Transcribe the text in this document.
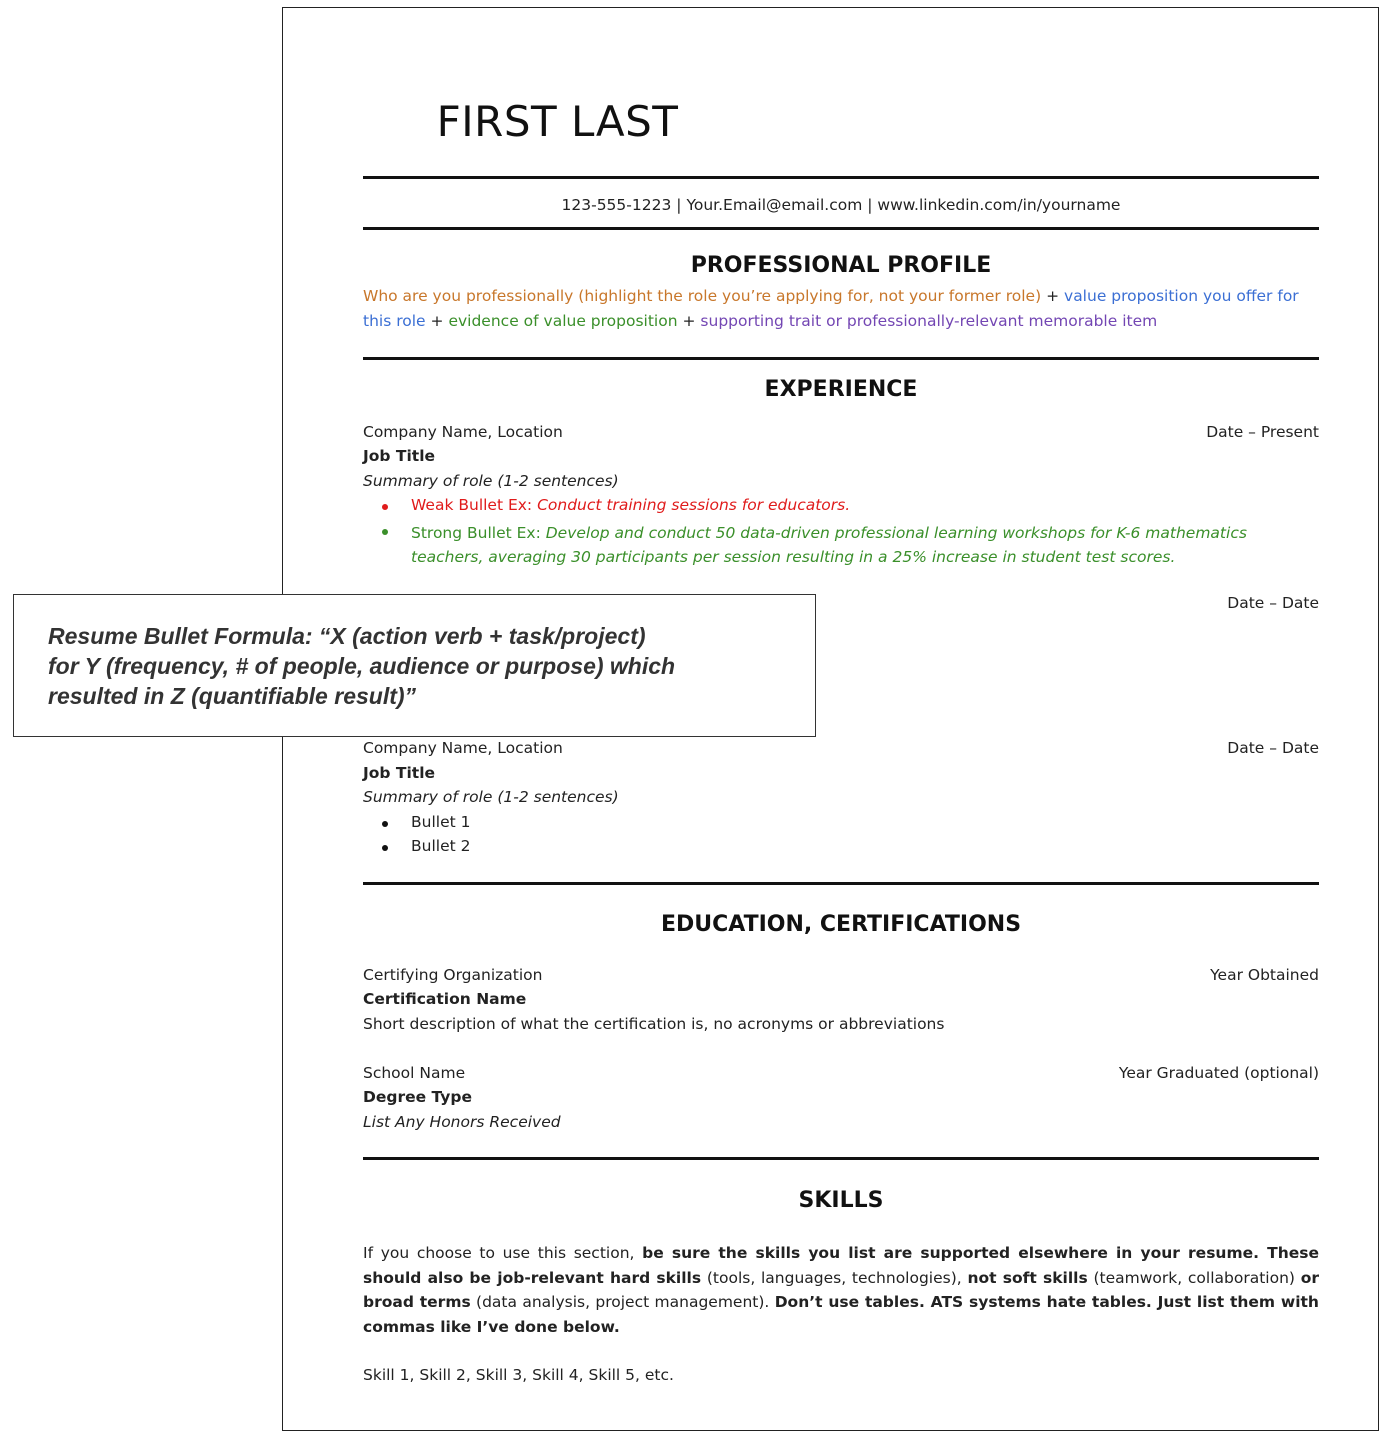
FIRST LAST
123-555-1223 | Your.Email@email.com | www.linkedin.com/in/yourname
PROFESSIONAL PROFILE
Who are you professionally (highlight the role you’re applying for, not your former role) + value proposition you offer for this role + evidence of value proposition + supporting trait or professionally-relevant memorable item
EXPERIENCE
Company Name, Location	Date – Present
Job Title
Summary of role (1-2 sentences)
Weak Bullet Ex: Conduct training sessions for educators.
Strong Bullet Ex: Develop and conduct 50 data-driven professional learning workshops for K-6 mathematics
teachers, averaging 30 participants per session resulting in a 25% increase in student test scores.
Date – Date
Company Name, Location	Date – Date
Job Title
Summary of role (1-2 sentences)
Bullet 1
Bullet 2
EDUCATION, CERTIFICATIONS
Certifying Organization	Year Obtained
Certification Name
Short description of what the certification is, no acronyms or abbreviations
School Name	Year Graduated (optional)
Degree Type
List Any Honors Received
SKILLS
If you choose to use this section, be sure the skills you list are supported elsewhere in your resume. These should also be job-relevant hard skills (tools, languages, technologies), not soft skills (teamwork, collaboration) or broad terms (data analysis, project management). Don’t use tables. ATS systems hate tables. Just list them with commas like I’ve done below.
Skill 1, Skill 2, Skill 3, Skill 4, Skill 5, etc.
Resume Bullet Formula: “X (action verb + task/project)
for Y (frequency, # of people, audience or purpose) which
resulted in Z (quantifiable result)”
